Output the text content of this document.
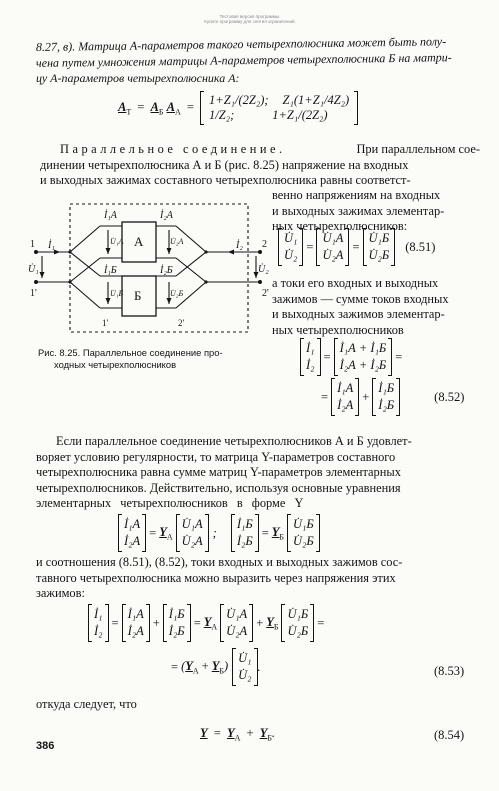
Тестовая версия программы.
Купите программу для снятия ограничений.
8.27, в). Матрица A-параметров такого четырехполюсника может быть полу-
чена путем умножения матрицы A-параметров четырехполюсника Б на матри-
цу A-параметров четырехполюсника А:
$A_Т = A_Б$ $A_А = 1+Z_1/(2Z_2)$; Z₁(1+Z₁/4Z₂)
1/Z₂;	1+Z₁/(2Z₂)
Параллельное соединение.	При параллельном сое-
динении четырехполюсника А и Б (рис. 8.25) напряжение на входных
и выходных зажимах составного четырехполюсника равны соответст-
венно напряжениям на входных
и выходных зажимах элементар-
ных четырехполюсников:
А
Б
1
1'
2
2'
İ₁
U̇₁
İ₂
U̇₂
İ₁А	İ₂А
U̇₁А	U̇₂А
İ₁Б	İ₂Б
U̇₁Б	U̇₂Б
1'	2'
U̇₁
U̇₂
=
U̇₁А
U̇₂А
=
U̇₁Б
U̇₂Б
(8.51)
а токи его входных и выходных
зажимов — сумме токов входных
и выходных зажимов элементар-
ных четырехполюсников
Рис. 8.25. Параллельное соединение про-
ходных четырехполюсников
İ₁
İ₂
=
İ₁А + İ₁Б
İ₂А + İ₂Б
=
=
İ₁А
İ₂А
+
İ₁Б
İ₂Б
(8.52)
Если параллельное соединение четырехполюсников А и Б удовлет-
воряет условию регулярности, то матрица Y-параметров составного
четырехполюсника равна сумме матриц Y-параметров элементарных
четырехполюсников. Действительно, используя основные уравнения
элементарных четырехполюсников в форме Y
İ₁А
İ₂А
= $Y_А$
U̇₁А
U̇₂А
;
İ₁Б
İ₂Б
= $Y_Б$
U̇₁Б
U̇₂Б
и соотношения (8.51), (8.52), токи входных и выходных зажимов сос-
тавного четырехполюсника можно выразить через напряжения этих
зажимов:
İ₁
İ₂
=
İ₁А
İ₂А
+
İ₁Б
İ₂Б
= $Y_А$
U̇₁А
U̇₂А
+ $Y_Б$
U̇₁Б
U̇₂Б
=
= $(Y_А + Y_Б)$
U̇₁
U̇₂
.	(8.53)
откуда следует, что
$Y = Y_А + Y_Б$.	(8.54)
386
